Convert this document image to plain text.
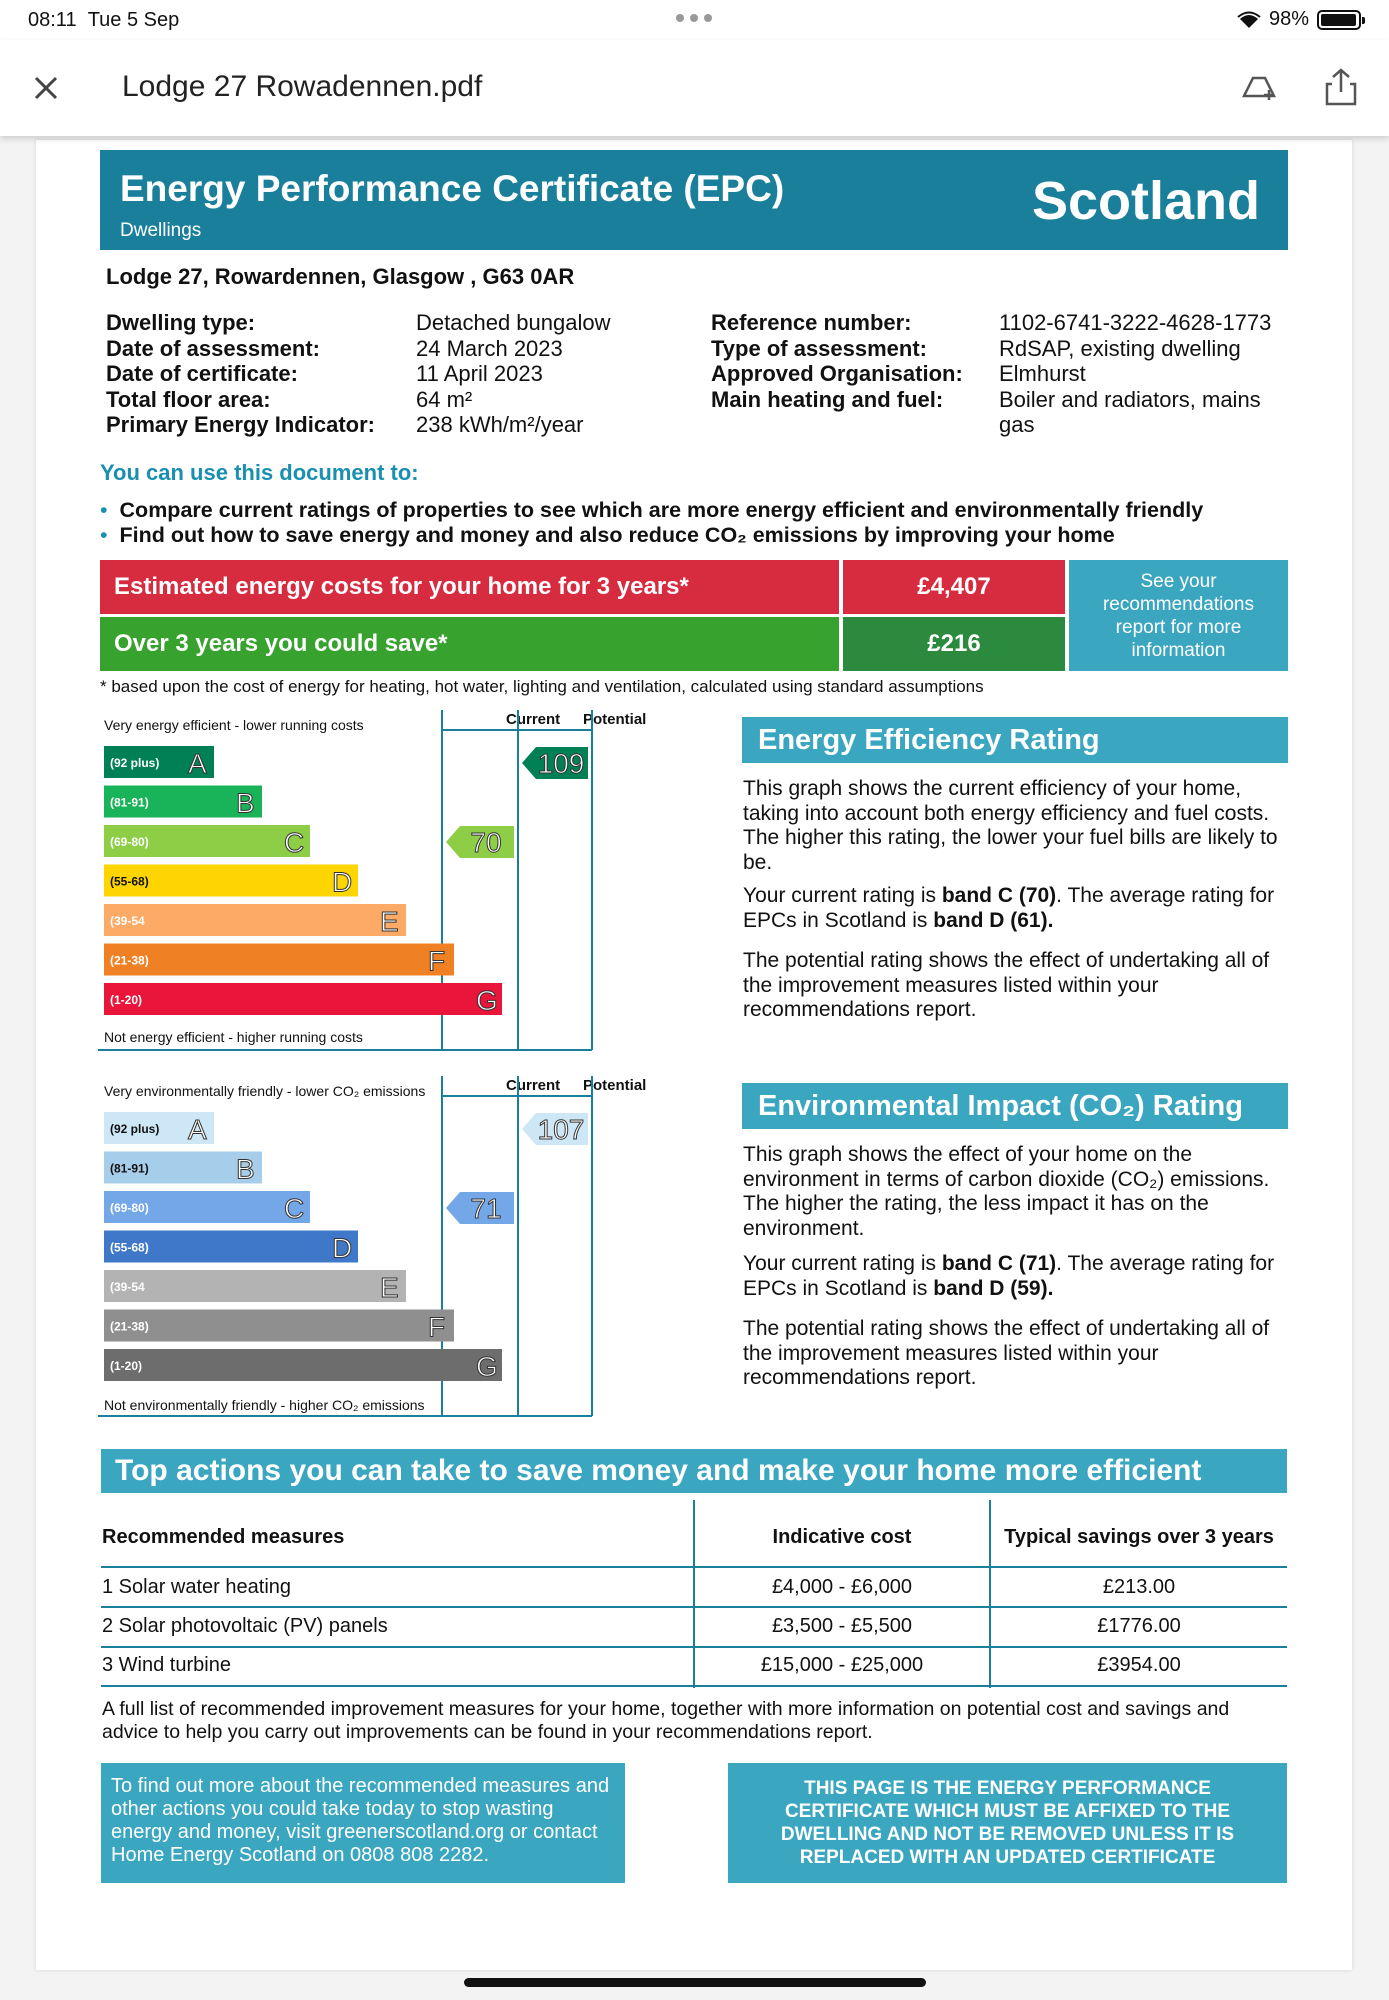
08:11 Tue 5 Sep	98%
Lodge 27 Rowadennen.pdf
Energy Performance Certificate (EPC)
Dwellings	Scotland
Lodge 27, Rowardennen, Glasgow , G63 0AR
Dwelling type:	Detached bungalow
Date of assessment:	24 March 2023
Date of certificate:	11 April 2023
Total floor area:	64 m²
Primary Energy Indicator:	238 kWh/m²/year
Reference number:	1102-6741-3222-4628-1773
Type of assessment:	RdSAP, existing dwelling
Approved Organisation:	Elmhurst
Main heating and fuel:	Boiler and radiators, mains
gas
You can use this document to:
• Compare current ratings of properties to see which are more energy efficient and environmentally friendly
• Find out how to save energy and money and also reduce CO₂ emissions by improving your home
Estimated energy costs for your home for 3 years*	£4,407
Over 3 years you could save*	£216
See your recommendations report for more information
* based upon the cost of energy for heating, hot water, lighting and ventilation, calculated using standard assumptions
Very energy efficient - lower running costs
Not energy efficient - higher running costs
Current Potential
(92 plus) A
(81-91)	B
(69-80)	C
(55-68)	D
(39-54	E
(21-38)	F
(1-20)	G
70
109
Energy Efficiency Rating
This graph shows the current efficiency of your home, taking into account both energy efficiency and fuel costs. The higher this rating, the lower your fuel bills are likely to be.
Your current rating is band C (70). The average rating for EPCs in Scotland is band D (61).
The potential rating shows the effect of undertaking all of the improvement measures listed within your recommendations report.
Very environmentally friendly - lower CO₂ emissions
Not environmentally friendly - higher CO₂ emissions
Current Potential
(92 plus) A
(81-91)	B
(69-80)	C
(55-68)	D
(39-54	E
(21-38)	F
(1-20)	G
71
107
Environmental Impact (CO₂) Rating
This graph shows the effect of your home on the environment in terms of carbon dioxide (CO₂) emissions. The higher the rating, the less impact it has on the environment.
Your current rating is band C (71). The average rating for EPCs in Scotland is band D (59).
The potential rating shows the effect of undertaking all of the improvement measures listed within your recommendations report.
Top actions you can take to save money and make your home more efficient
Recommended measures	Indicative cost	Typical savings over 3 years
1 Solar water heating	£4,000 - £6,000	£213.00
2 Solar photovoltaic (PV) panels	£3,500 - £5,500	£1776.00
3 Wind turbine	£15,000 - £25,000	£3954.00
A full list of recommended improvement measures for your home, together with more information on potential cost and savings and advice to help you carry out improvements can be found in your recommendations report.
To find out more about the recommended measures and other actions you could take today to stop wasting energy and money, visit greenerscotland.org or contact Home Energy Scotland on 0808 808 2282.
THIS PAGE IS THE ENERGY PERFORMANCE CERTIFICATE WHICH MUST BE AFFIXED TO THE DWELLING AND NOT BE REMOVED UNLESS IT IS REPLACED WITH AN UPDATED CERTIFICATE
